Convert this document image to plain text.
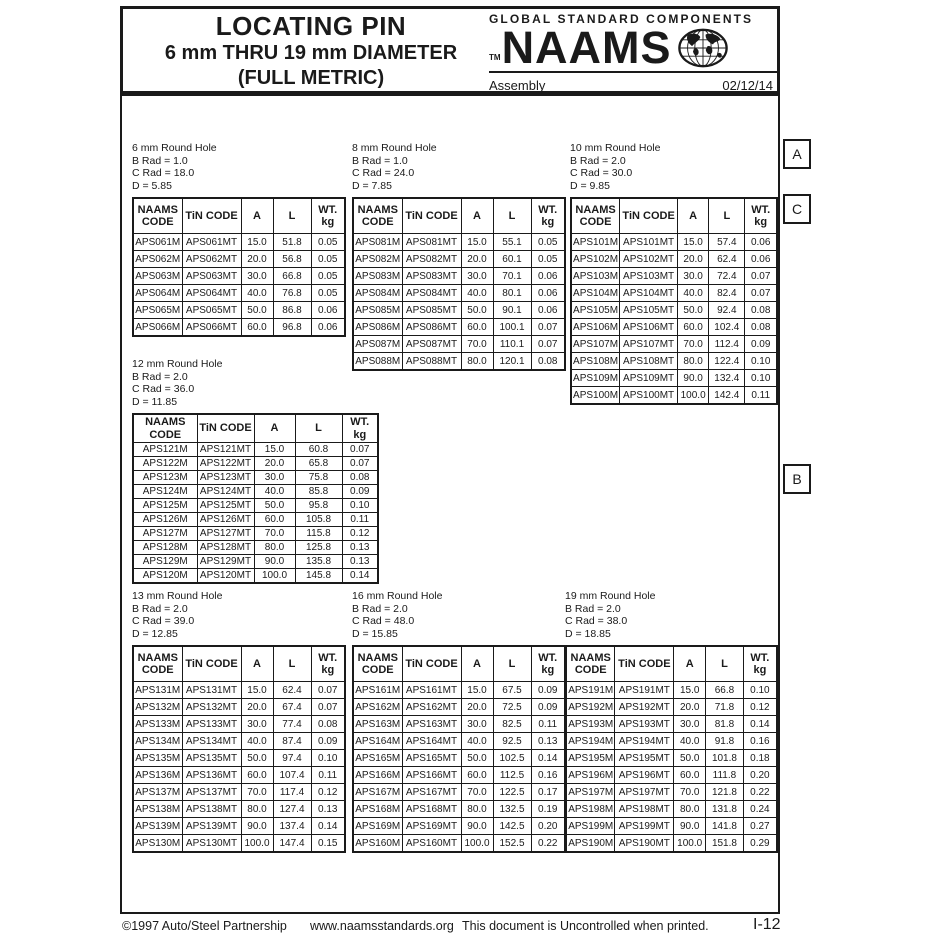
LOCATING PIN
6 mm THRU 19 mm DIAMETER
(FULL METRIC)
GLOBAL STANDARD COMPONENTS
TM NAAMS
Assembly	02/12/14
6 mm Round Hole
B Rad = 1.0
C Rad = 18.0
D = 5.85
NAAMS CODE	TiN CODE	A	L	WT. kg
APS061M	APS061MT	15.0	51.8	0.05
APS062M	APS062MT	20.0	56.8	0.05
APS063M	APS063MT	30.0	66.8	0.05
APS064M	APS064MT	40.0	76.8	0.05
APS065M	APS065MT	50.0	86.8	0.06
APS066M	APS066MT	60.0	96.8	0.06
8 mm Round Hole
B Rad = 1.0
C Rad = 24.0
D = 7.85
NAAMS CODE	TiN CODE	A	L	WT. kg
APS081M	APS081MT	15.0	55.1	0.05
APS082M	APS082MT	20.0	60.1	0.05
APS083M	APS083MT	30.0	70.1	0.06
APS084M	APS084MT	40.0	80.1	0.06
APS085M	APS085MT	50.0	90.1	0.06
APS086M	APS086MT	60.0	100.1	0.07
APS087M	APS087MT	70.0	110.1	0.07
APS088M	APS088MT	80.0	120.1	0.08
10 mm Round Hole
B Rad = 2.0
C Rad = 30.0
D = 9.85
NAAMS CODE	TiN CODE	A	L	WT. kg
APS101M	APS101MT	15.0	57.4	0.06
APS102M	APS102MT	20.0	62.4	0.06
APS103M	APS103MT	30.0	72.4	0.07
APS104M	APS104MT	40.0	82.4	0.07
APS105M	APS105MT	50.0	92.4	0.08
APS106M	APS106MT	60.0	102.4	0.08
APS107M	APS107MT	70.0	112.4	0.09
APS108M	APS108MT	80.0	122.4	0.10
APS109M	APS109MT	90.0	132.4	0.10
APS100M	APS100MT	100.0	142.4	0.11
12 mm Round Hole
B Rad = 2.0
C Rad = 36.0
D = 11.85
NAAMS CODE	TiN CODE	A	L	WT. kg
APS121M	APS121MT	15.0	60.8	0.07
APS122M	APS122MT	20.0	65.8	0.07
APS123M	APS123MT	30.0	75.8	0.08
APS124M	APS124MT	40.0	85.8	0.09
APS125M	APS125MT	50.0	95.8	0.10
APS126M	APS126MT	60.0	105.8	0.11
APS127M	APS127MT	70.0	115.8	0.12
APS128M	APS128MT	80.0	125.8	0.13
APS129M	APS129MT	90.0	135.8	0.13
APS120M	APS120MT	100.0	145.8	0.14
13 mm Round Hole
B Rad = 2.0
C Rad = 39.0
D = 12.85
NAAMS CODE	TiN CODE	A	L	WT. kg
APS131M	APS131MT	15.0	62.4	0.07
APS132M	APS132MT	20.0	67.4	0.07
APS133M	APS133MT	30.0	77.4	0.08
APS134M	APS134MT	40.0	87.4	0.09
APS135M	APS135MT	50.0	97.4	0.10
APS136M	APS136MT	60.0	107.4	0.11
APS137M	APS137MT	70.0	117.4	0.12
APS138M	APS138MT	80.0	127.4	0.13
APS139M	APS139MT	90.0	137.4	0.14
APS130M	APS130MT	100.0	147.4	0.15
16 mm Round Hole
B Rad = 2.0
C Rad = 48.0
D = 15.85
NAAMS CODE	TiN CODE	A	L	WT. kg
APS161M	APS161MT	15.0	67.5	0.09
APS162M	APS162MT	20.0	72.5	0.09
APS163M	APS163MT	30.0	82.5	0.11
APS164M	APS164MT	40.0	92.5	0.13
APS165M	APS165MT	50.0	102.5	0.14
APS166M	APS166MT	60.0	112.5	0.16
APS167M	APS167MT	70.0	122.5	0.17
APS168M	APS168MT	80.0	132.5	0.19
APS169M	APS169MT	90.0	142.5	0.20
APS160M	APS160MT	100.0	152.5	0.22
19 mm Round Hole
B Rad = 2.0
C Rad = 38.0
D = 18.85
NAAMS CODE	TiN CODE	A	L	WT. kg
APS191M	APS191MT	15.0	66.8	0.10
APS192M	APS192MT	20.0	71.8	0.12
APS193M	APS193MT	30.0	81.8	0.14
APS194M	APS194MT	40.0	91.8	0.16
APS195M	APS195MT	50.0	101.8	0.18
APS196M	APS196MT	60.0	111.8	0.20
APS197M	APS197MT	70.0	121.8	0.22
APS198M	APS198MT	80.0	131.8	0.24
APS199M	APS199MT	90.0	141.8	0.27
APS190M	APS190MT	100.0	151.8	0.29
A
C
B
©1997 Auto/Steel Partnership www.naamsstandards.org This document is Uncontrolled when printed.	I-12
